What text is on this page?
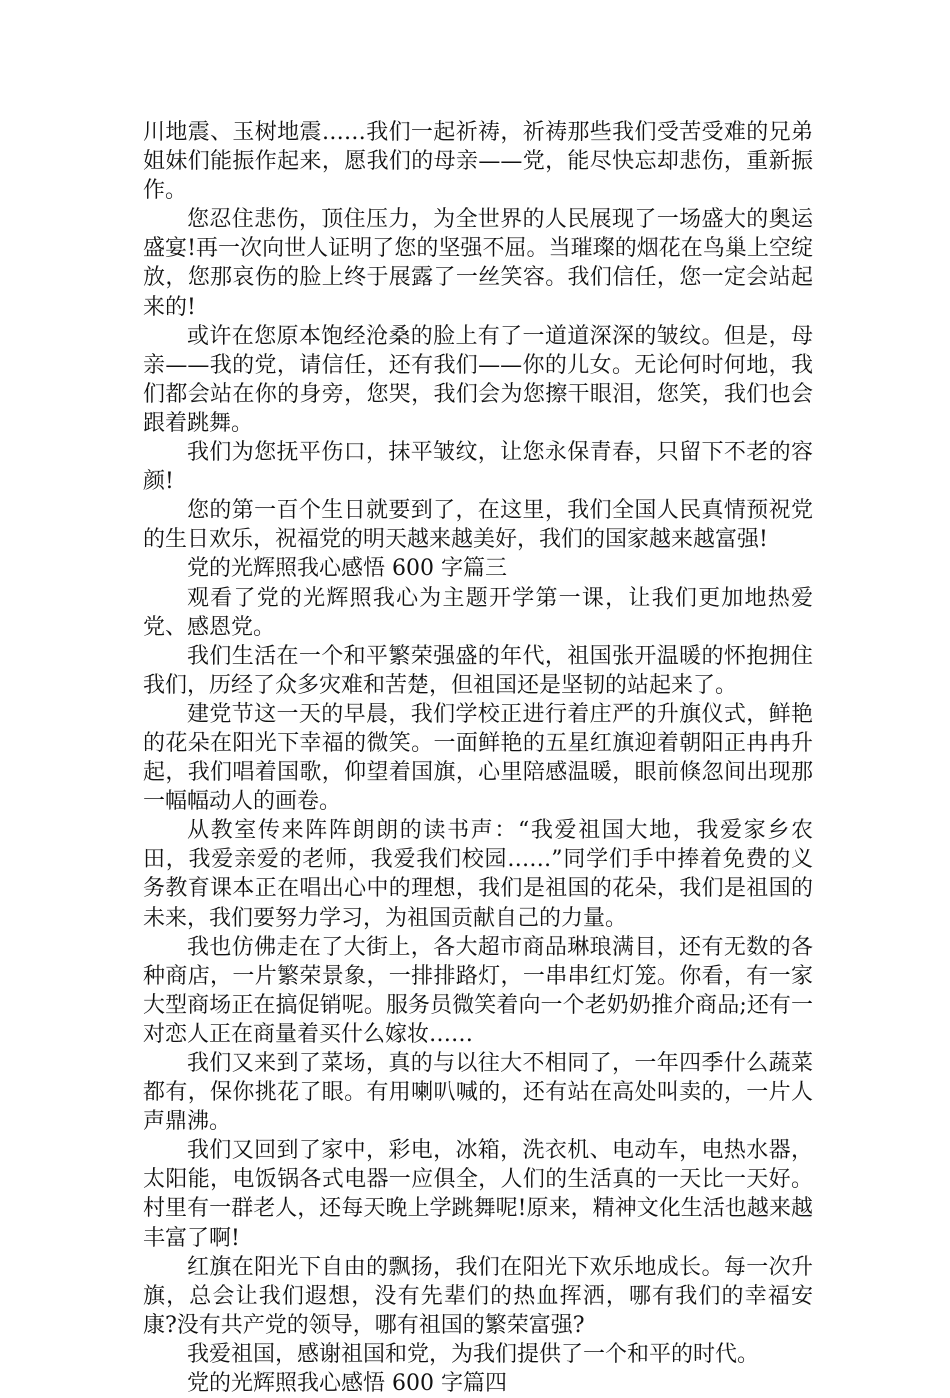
川地震、玉树地震……我们一起祈祷，祈祷那些我们受苦受难的兄弟姐妹们能振作起来，愿我们的母亲——党，能尽快忘却悲伤，重新振作。

您忍住悲伤，顶住压力，为全世界的人民展现了一场盛大的奥运盛宴!再一次向世人证明了您的坚强不屈。当璀璨的烟花在鸟巢上空绽放，您那哀伤的脸上终于展露了一丝笑容。我们信任，您一定会站起来的!

或许在您原本饱经沧桑的脸上有了一道道深深的皱纹。但是，母亲——我的党，请信任，还有我们——你的儿女。无论何时何地，我们都会站在你的身旁，您哭，我们会为您擦干眼泪，您笑，我们也会跟着跳舞。

我们为您抚平伤口，抹平皱纹，让您永保青春，只留下不老的容颜!

您的第一百个生日就要到了，在这里，我们全国人民真情预祝党的生日欢乐，祝福党的明天越来越美好，我们的国家越来越富强!

党的光辉照我心感悟 600 字篇三

观看了党的光辉照我心为主题开学第一课，让我们更加地热爱党、感恩党。

我们生活在一个和平繁荣强盛的年代，祖国张开温暖的怀抱拥住我们，历经了众多灾难和苦楚，但祖国还是坚韧的站起来了。

建党节这一天的早晨，我们学校正进行着庄严的升旗仪式，鲜艳的花朵在阳光下幸福的微笑。一面鲜艳的五星红旗迎着朝阳正冉冉升起，我们唱着国歌，仰望着国旗，心里陪感温暖，眼前倏忽间出现那一幅幅动人的画卷。

从教室传来阵阵朗朗的读书声：“我爱祖国大地，我爱家乡农田，我爱亲爱的老师，我爱我们校园……”同学们手中捧着免费的义务教育课本正在唱出心中的理想，我们是祖国的花朵，我们是祖国的未来，我们要努力学习，为祖国贡献自己的力量。

我也仿佛走在了大街上，各大超市商品琳琅满目，还有无数的各种商店，一片繁荣景象，一排排路灯，一串串红灯笼。你看，有一家大型商场正在搞促销呢。服务员微笑着向一个老奶奶推介商品;还有一对恋人正在商量着买什么嫁妆……

我们又来到了菜场，真的与以往大不相同了，一年四季什么蔬菜都有，保你挑花了眼。有用喇叭喊的，还有站在高处叫卖的，一片人声鼎沸。

我们又回到了家中，彩电，冰箱，洗衣机、电动车，电热水器，太阳能，电饭锅各式电器一应俱全，人们的生活真的一天比一天好。村里有一群老人，还每天晚上学跳舞呢!原来，精神文化生活也越来越丰富了啊!

红旗在阳光下自由的飘扬，我们在阳光下欢乐地成长。每一次升旗，总会让我们遐想，没有先辈们的热血挥洒，哪有我们的幸福安康?没有共产党的领导，哪有祖国的繁荣富强?

我爱祖国，感谢祖国和党，为我们提供了一个和平的时代。

党的光辉照我心感悟 600 字篇四
